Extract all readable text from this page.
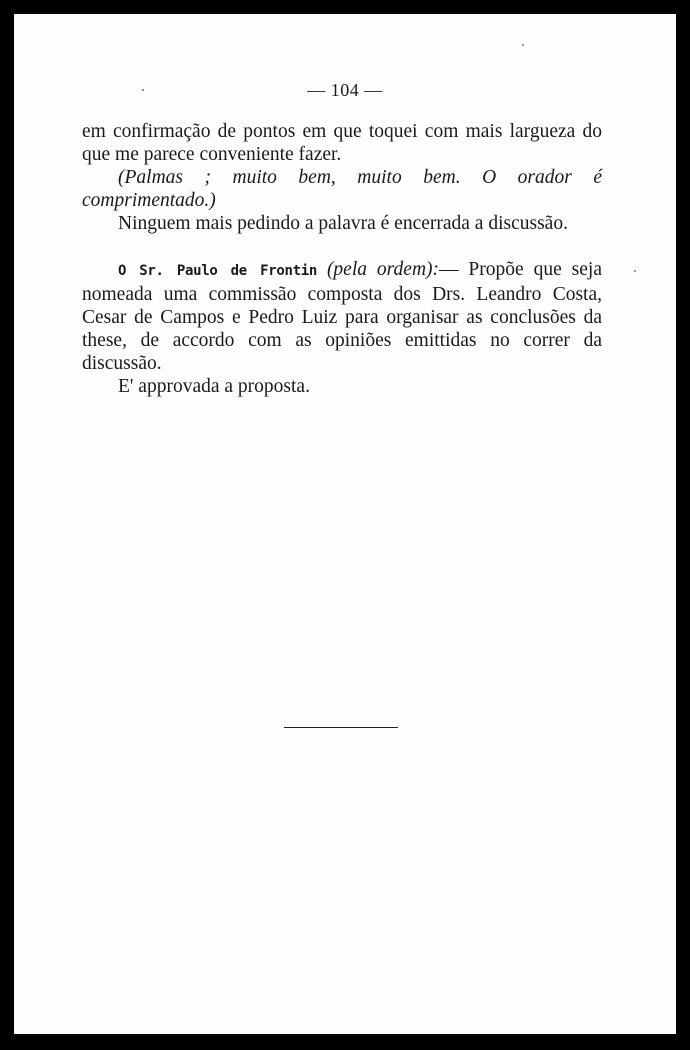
— 104 —

em confirmação de pontos em que toquei com mais largueza do que me parece conveniente fazer.

(Palmas ; muito bem, muito bem. O orador é comprimentado.)

Ninguem mais pedindo a palavra é encerrada a discussão.

O Sr. Paulo de Frontin (pela ordem):— Propõe que seja nomeada uma commissão composta dos Drs. Leandro Costa, Cesar de Campos e Pedro Luiz para organisar as conclusões da these, de accordo com as opiniões emittidas no correr da discussão.

E' approvada a proposta.
